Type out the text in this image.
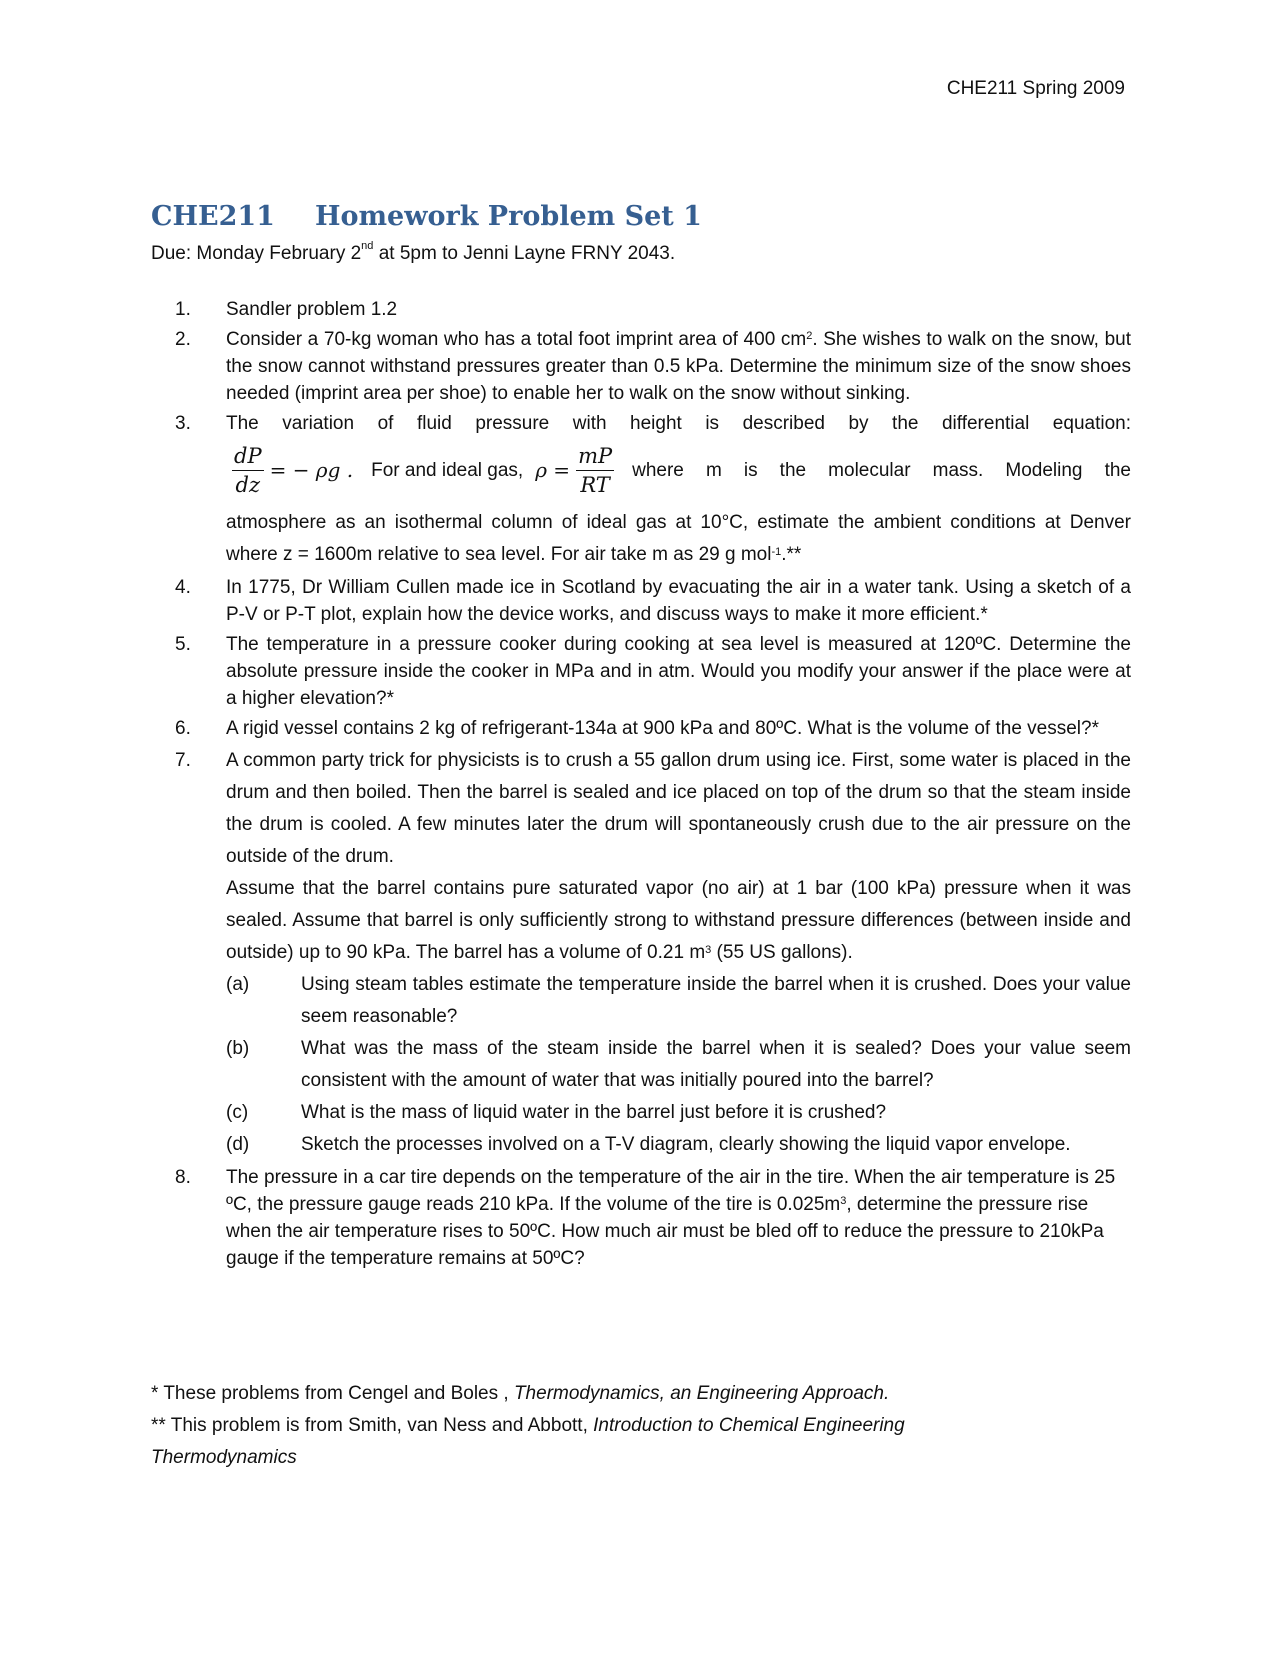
CHE211 Spring 2009
CHE211 Homework Problem Set 1
Due: Monday February 2nd at 5pm to Jenni Layne FRNY 2043.
1.	Sandler problem 1.2
2.	Consider a 70-kg woman who has a total foot imprint area of 400 $cm^2$. She wishes to walk on the snow, but the snow cannot withstand pressures greater than 0.5 kPa. Determine the minimum size of the snow shoes needed (imprint area per shoe) to enable her to walk on the snow without sinking.
3.	The variation of fluid pressure with height is described by the differential equation:
$\frac{dP}{dz}$ = − ρg . For and ideal gas, $\rho = \frac{mP}{RT}$ where m is the molecular mass. Modeling the
atmosphere as an isothermal column of ideal gas at 10°C, estimate the ambient conditions at Denver where z = 1600m relative to sea level. For air take m as 29 g mol$^{-1}$.**
4.	In 1775, Dr William Cullen made ice in Scotland by evacuating the air in a water tank. Using a sketch of a P-V or P-T plot, explain how the device works, and discuss ways to make it more efficient.*
5.	The temperature in a pressure cooker during cooking at sea level is measured at 120ºC. Determine the absolute pressure inside the cooker in MPa and in atm. Would you modify your answer if the place were at a higher elevation?*
6.	A rigid vessel contains 2 kg of refrigerant-134a at 900 kPa and 80ºC. What is the volume of the vessel?*
7.	A common party trick for physicists is to crush a 55 gallon drum using ice. First, some water is placed in the drum and then boiled. Then the barrel is sealed and ice placed on top of the drum so that the steam inside the drum is cooled. A few minutes later the drum will spontaneously crush due to the air pressure on the outside of the drum.
Assume that the barrel contains pure saturated vapor (no air) at 1 bar (100 kPa) pressure when it was sealed. Assume that barrel is only sufficiently strong to withstand pressure differences (between inside and outside) up to 90 kPa. The barrel has a volume of 0.21 $m^3$ (55 US gallons).
(a)	Using steam tables estimate the temperature inside the barrel when it is crushed. Does your value seem reasonable?
(b)	What was the mass of the steam inside the barrel when it is sealed? Does your value seem consistent with the amount of water that was initially poured into the barrel?
(c)	What is the mass of liquid water in the barrel just before it is crushed?
(d)	Sketch the processes involved on a T-V diagram, clearly showing the liquid vapor envelope.
8.	The pressure in a car tire depends on the temperature of the air in the tire. When the air temperature is 25 ºC, the pressure gauge reads 210 kPa. If the volume of the tire is $0.025m^3$, determine the pressure rise when the air temperature rises to 50ºC. How much air must be bled off to reduce the pressure to 210kPa gauge if the temperature remains at 50ºC?
* These problems from Cengel and Boles , Thermodynamics, an Engineering Approach.
** This problem is from Smith, van Ness and Abbott, Introduction to Chemical Engineering Thermodynamics
